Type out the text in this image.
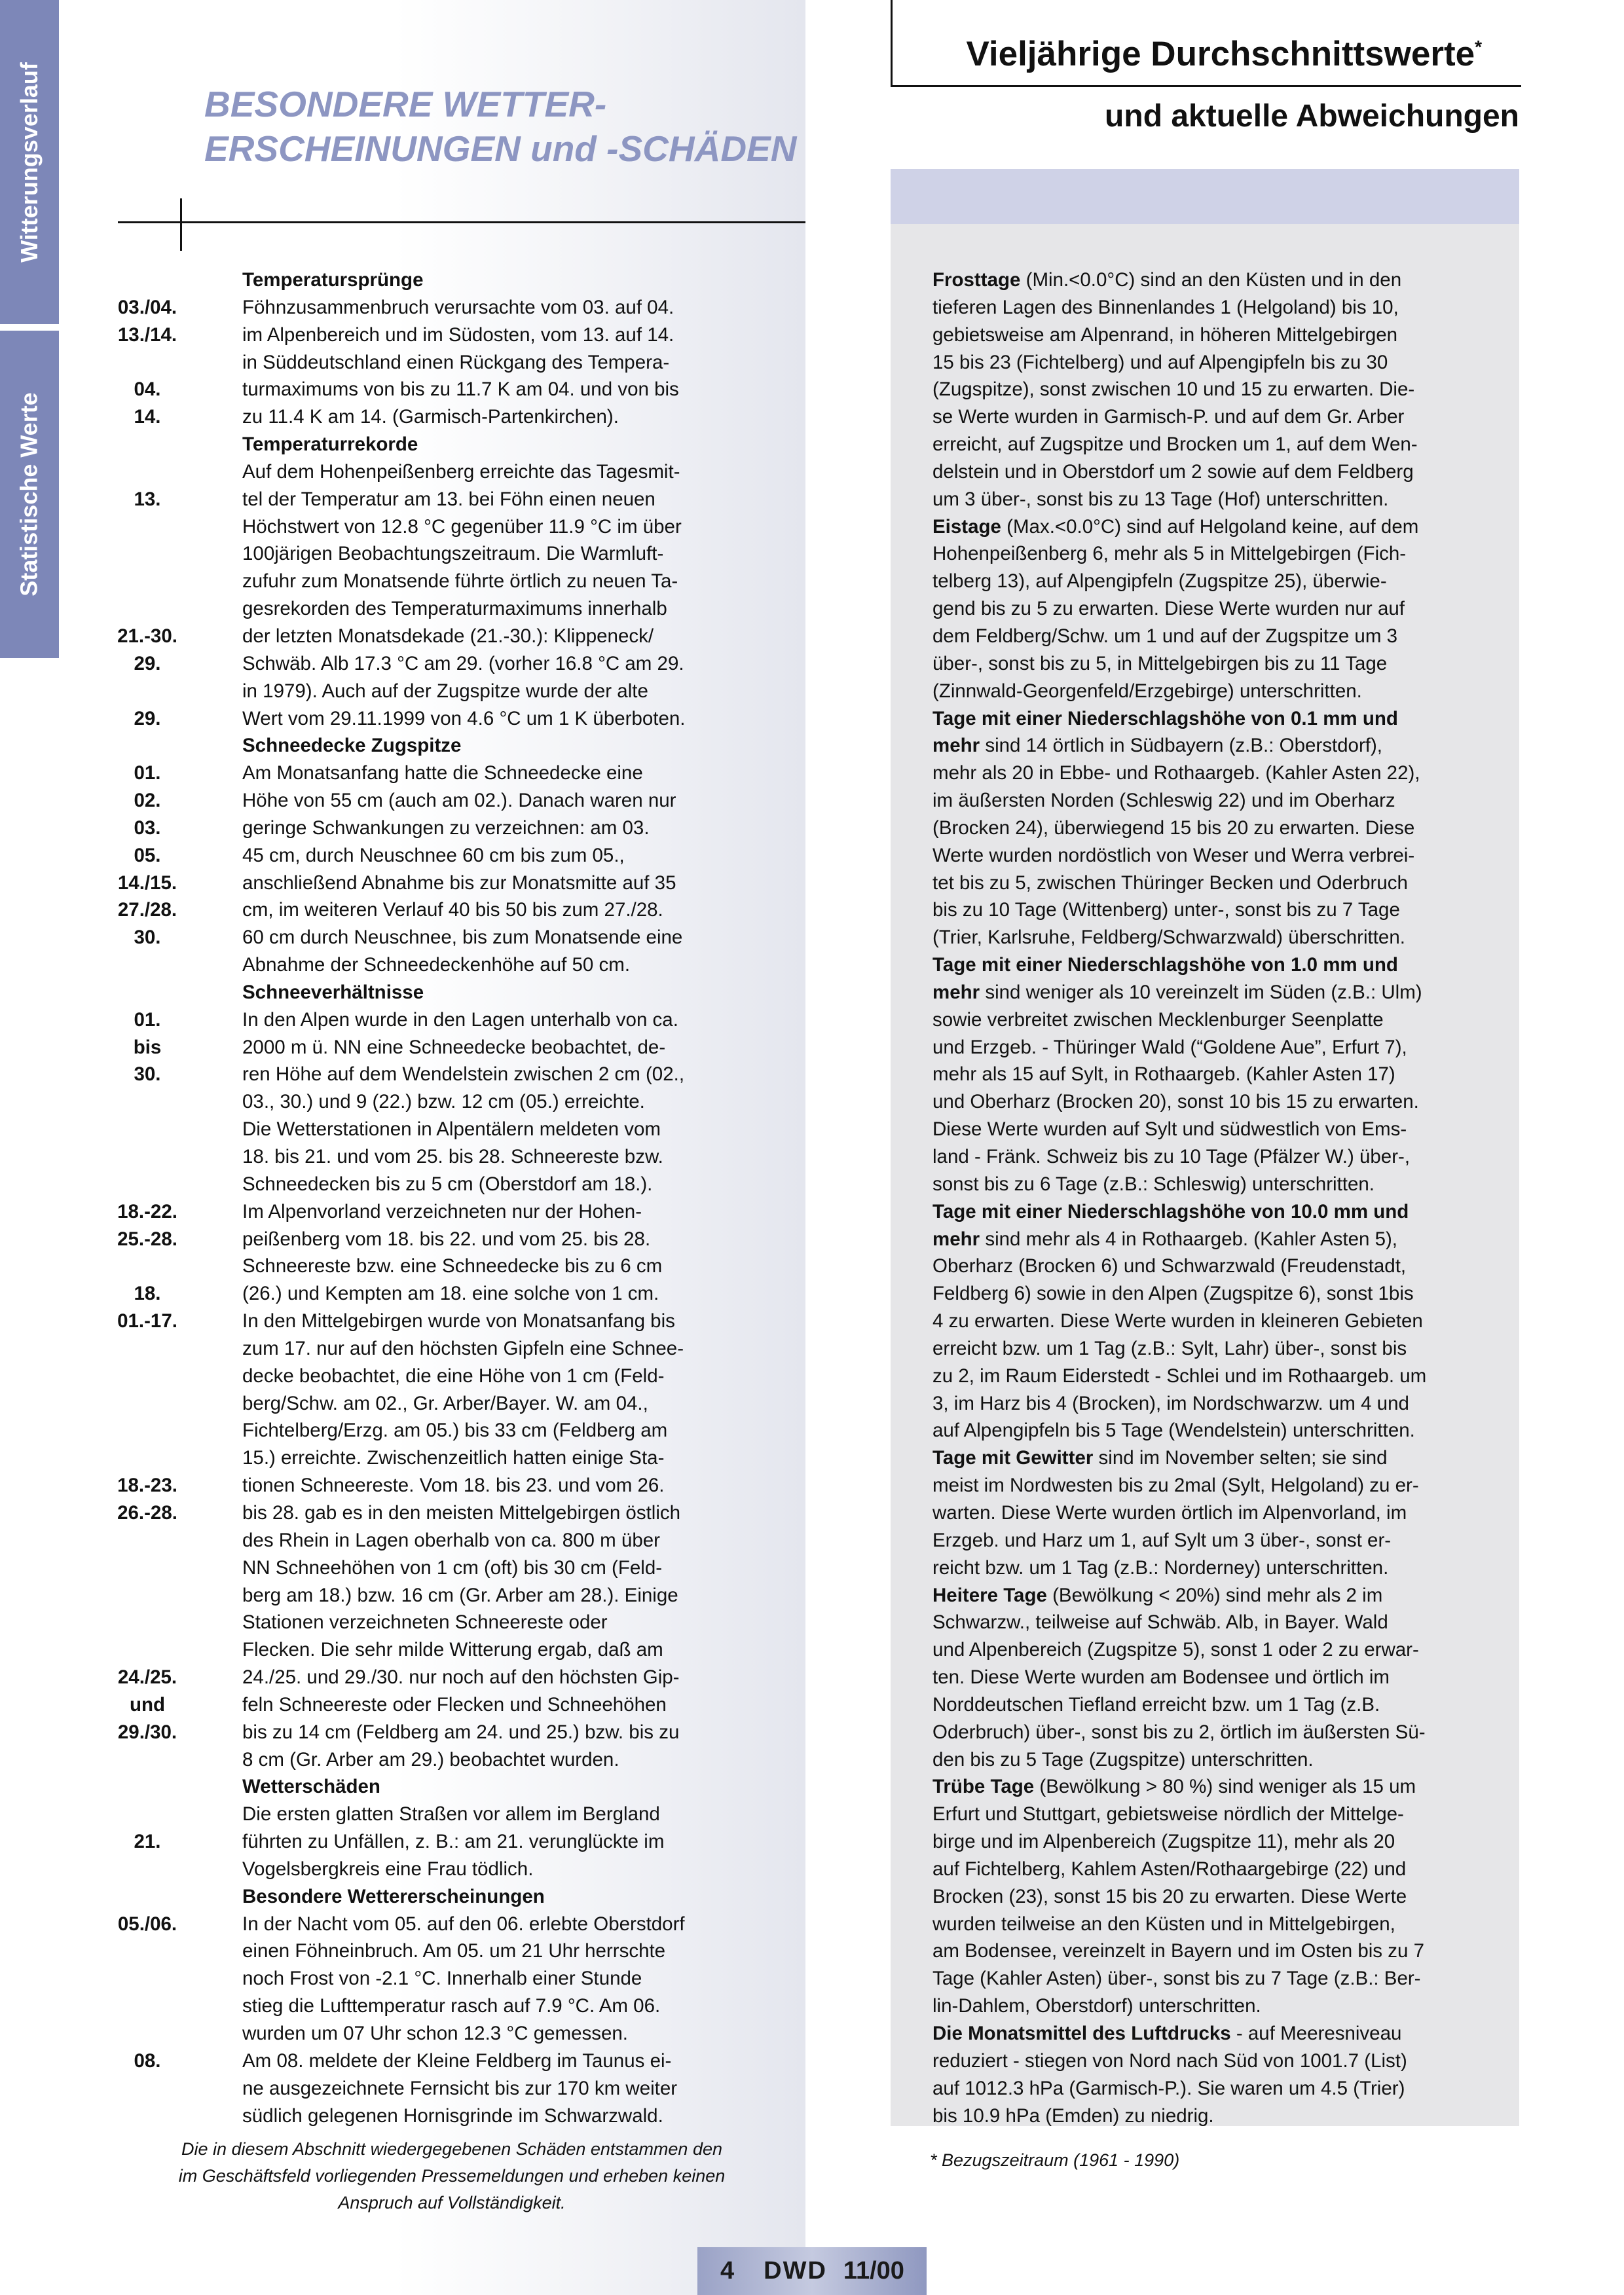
Witterungsverlauf
Statistische Werte
BESONDERE WETTER-
ERSCHEINUNGEN und -SCHÄDEN
Temperatursprünge
03./04.	Föhnzusammenbruch verursachte vom 03. auf 04.
13./14.	im Alpenbereich und im Südosten, vom 13. auf 14.
in Süddeutschland einen Rückgang des Tempera-
04.	turmaximums von bis zu 11.7 K am 04. und von bis
14.	zu 11.4 K am 14. (Garmisch-Partenkirchen).
Temperaturrekorde
Auf dem Hohenpeißenberg erreichte das Tagesmit-
13.	tel der Temperatur am 13. bei Föhn einen neuen
Höchstwert von 12.8 °C gegenüber 11.9 °C im über
100järigen Beobachtungszeitraum. Die Warmluft-
zufuhr zum Monatsende führte örtlich zu neuen Ta-
gesrekorden des Temperaturmaximums innerhalb
21.-30.	der letzten Monatsdekade (21.-30.): Klippeneck/
29.	Schwäb. Alb 17.3 °C am 29. (vorher 16.8 °C am 29.
in 1979). Auch auf der Zugspitze wurde der alte
29.	Wert vom 29.11.1999 von 4.6 °C um 1 K überboten.
Schneedecke Zugspitze
01.	Am Monatsanfang hatte die Schneedecke eine
02.	Höhe von 55 cm (auch am 02.). Danach waren nur
03.	geringe Schwankungen zu verzeichnen: am 03.
05.	45 cm, durch Neuschnee 60 cm bis zum 05.,
14./15.	anschließend Abnahme bis zur Monatsmitte auf 35
27./28.	cm, im weiteren Verlauf 40 bis 50 bis zum 27./28.
30.	60 cm durch Neuschnee, bis zum Monatsende eine
Abnahme der Schneedeckenhöhe auf 50 cm.
Schneeverhältnisse
01.	In den Alpen wurde in den Lagen unterhalb von ca.
bis	2000 m ü. NN eine Schneedecke beobachtet, de-
30.	ren Höhe auf dem Wendelstein zwischen 2 cm (02.,
03., 30.) und 9 (22.) bzw. 12 cm (05.) erreichte.
Die Wetterstationen in Alpentälern meldeten vom
18. bis 21. und vom 25. bis 28. Schneereste bzw.
Schneedecken bis zu 5 cm (Oberstdorf am 18.).
18.-22.	Im Alpenvorland verzeichneten nur der Hohen-
25.-28.	peißenberg vom 18. bis 22. und vom 25. bis 28.
Schneereste bzw. eine Schneedecke bis zu 6 cm
18.	(26.) und Kempten am 18. eine solche von 1 cm.
01.-17.	In den Mittelgebirgen wurde von Monatsanfang bis
zum 17. nur auf den höchsten Gipfeln eine Schnee-
decke beobachtet, die eine Höhe von 1 cm (Feld-
berg/Schw. am 02., Gr. Arber/Bayer. W. am 04.,
Fichtelberg/Erzg. am 05.) bis 33 cm (Feldberg am
15.) erreichte. Zwischenzeitlich hatten einige Sta-
18.-23.	tionen Schneereste. Vom 18. bis 23. und vom 26.
26.-28.	bis 28. gab es in den meisten Mittelgebirgen östlich
des Rhein in Lagen oberhalb von ca. 800 m über
NN Schneehöhen von 1 cm (oft) bis 30 cm (Feld-
berg am 18.) bzw. 16 cm (Gr. Arber am 28.). Einige
Stationen verzeichneten Schneereste oder
Flecken. Die sehr milde Witterung ergab, daß am
24./25.	24./25. und 29./30. nur noch auf den höchsten Gip-
und	feln Schneereste oder Flecken und Schneehöhen
29./30.	bis zu 14 cm (Feldberg am 24. und 25.) bzw. bis zu
8 cm (Gr. Arber am 29.) beobachtet wurden.
Wetterschäden
Die ersten glatten Straßen vor allem im Bergland
21.	führten zu Unfällen, z. B.: am 21. verunglückte im
Vogelsbergkreis eine Frau tödlich.
Besondere Wettererscheinungen
05./06.	In der Nacht vom 05. auf den 06. erlebte Oberstdorf
einen Föhneinbruch. Am 05. um 21 Uhr herrschte
noch Frost von -2.1 °C. Innerhalb einer Stunde
stieg die Lufttemperatur rasch auf 7.9 °C. Am 06.
wurden um 07 Uhr schon 12.3 °C gemessen.
08.	Am 08. meldete der Kleine Feldberg im Taunus ei-
ne ausgezeichnete Fernsicht bis zur 170 km weiter
südlich gelegenen Hornisgrinde im Schwarzwald.
Die in diesem Abschnitt wiedergegebenen Schäden entstammen den
im Geschäftsfeld vorliegenden Pressemeldungen und erheben keinen
Anspruch auf Vollständigkeit.
Vieljährige Durchschnittswerte*
und aktuelle Abweichungen
Frosttage (Min.<0.0°C) sind an den Küsten und in den
tieferen Lagen des Binnenlandes 1 (Helgoland) bis 10,
gebietsweise am Alpenrand, in höheren Mittelgebirgen
15 bis 23 (Fichtelberg) und auf Alpengipfeln bis zu 30
(Zugspitze), sonst zwischen 10 und 15 zu erwarten. Die-
se Werte wurden in Garmisch-P. und auf dem Gr. Arber
erreicht, auf Zugspitze und Brocken um 1, auf dem Wen-
delstein und in Oberstdorf um 2 sowie auf dem Feldberg
um 3 über-, sonst bis zu 13 Tage (Hof) unterschritten.
Eistage (Max.<0.0°C) sind auf Helgoland keine, auf dem
Hohenpeißenberg 6, mehr als 5 in Mittelgebirgen (Fich-
telberg 13), auf Alpengipfeln (Zugspitze 25), überwie-
gend bis zu 5 zu erwarten. Diese Werte wurden nur auf
dem Feldberg/Schw. um 1 und auf der Zugspitze um 3
über-, sonst bis zu 5, in Mittelgebirgen bis zu 11 Tage
(Zinnwald-Georgenfeld/Erzgebirge) unterschritten.
Tage mit einer Niederschlagshöhe von 0.1 mm und
mehr sind 14 örtlich in Südbayern (z.B.: Oberstdorf),
mehr als 20 in Ebbe- und Rothaargeb. (Kahler Asten 22),
im äußersten Norden (Schleswig 22) und im Oberharz
(Brocken 24), überwiegend 15 bis 20 zu erwarten. Diese
Werte wurden nordöstlich von Weser und Werra verbrei-
tet bis zu 5, zwischen Thüringer Becken und Oderbruch
bis zu 10 Tage (Wittenberg) unter-, sonst bis zu 7 Tage
(Trier, Karlsruhe, Feldberg/Schwarzwald) überschritten.
Tage mit einer Niederschlagshöhe von 1.0 mm und
mehr sind weniger als 10 vereinzelt im Süden (z.B.: Ulm)
sowie verbreitet zwischen Mecklenburger Seenplatte
und Erzgeb. - Thüringer Wald (“Goldene Aue”, Erfurt 7),
mehr als 15 auf Sylt, in Rothaargeb. (Kahler Asten 17)
und Oberharz (Brocken 20), sonst 10 bis 15 zu erwarten.
Diese Werte wurden auf Sylt und südwestlich von Ems-
land - Fränk. Schweiz bis zu 10 Tage (Pfälzer W.) über-,
sonst bis zu 6 Tage (z.B.: Schleswig) unterschritten.
Tage mit einer Niederschlagshöhe von 10.0 mm und
mehr sind mehr als 4 in Rothaargeb. (Kahler Asten 5),
Oberharz (Brocken 6) und Schwarzwald (Freudenstadt,
Feldberg 6) sowie in den Alpen (Zugspitze 6), sonst 1bis
4 zu erwarten. Diese Werte wurden in kleineren Gebieten
erreicht bzw. um 1 Tag (z.B.: Sylt, Lahr) über-, sonst bis
zu 2, im Raum Eiderstedt - Schlei und im Rothaargeb. um
3, im Harz bis 4 (Brocken), im Nordschwarzw. um 4 und
auf Alpengipfeln bis 5 Tage (Wendelstein) unterschritten.
Tage mit Gewitter sind im November selten; sie sind
meist im Nordwesten bis zu 2mal (Sylt, Helgoland) zu er-
warten. Diese Werte wurden örtlich im Alpenvorland, im
Erzgeb. und Harz um 1, auf Sylt um 3 über-, sonst er-
reicht bzw. um 1 Tag (z.B.: Norderney) unterschritten.
Heitere Tage (Bewölkung < 20%) sind mehr als 2 im
Schwarzw., teilweise auf Schwäb. Alb, in Bayer. Wald
und Alpenbereich (Zugspitze 5), sonst 1 oder 2 zu erwar-
ten. Diese Werte wurden am Bodensee und örtlich im
Norddeutschen Tiefland erreicht bzw. um 1 Tag (z.B.
Oderbruch) über-, sonst bis zu 2, örtlich im äußersten Sü-
den bis zu 5 Tage (Zugspitze) unterschritten.
Trübe Tage (Bewölkung > 80 %) sind weniger als 15 um
Erfurt und Stuttgart, gebietsweise nördlich der Mittelge-
birge und im Alpenbereich (Zugspitze 11), mehr als 20
auf Fichtelberg, Kahlem Asten/Rothaargebirge (22) und
Brocken (23), sonst 15 bis 20 zu erwarten. Diese Werte
wurden teilweise an den Küsten und in Mittelgebirgen,
am Bodensee, vereinzelt in Bayern und im Osten bis zu 7
Tage (Kahler Asten) über-, sonst bis zu 7 Tage (z.B.: Ber-
lin-Dahlem, Oberstdorf) unterschritten.
Die Monatsmittel des Luftdrucks - auf Meeresniveau
reduziert - stiegen von Nord nach Süd von 1001.7 (List)
auf 1012.3 hPa (Garmisch-P.). Sie waren um 4.5 (Trier)
bis 10.9 hPa (Emden) zu niedrig.
* Bezugszeitraum (1961 - 1990)
4 DWD 11/00
